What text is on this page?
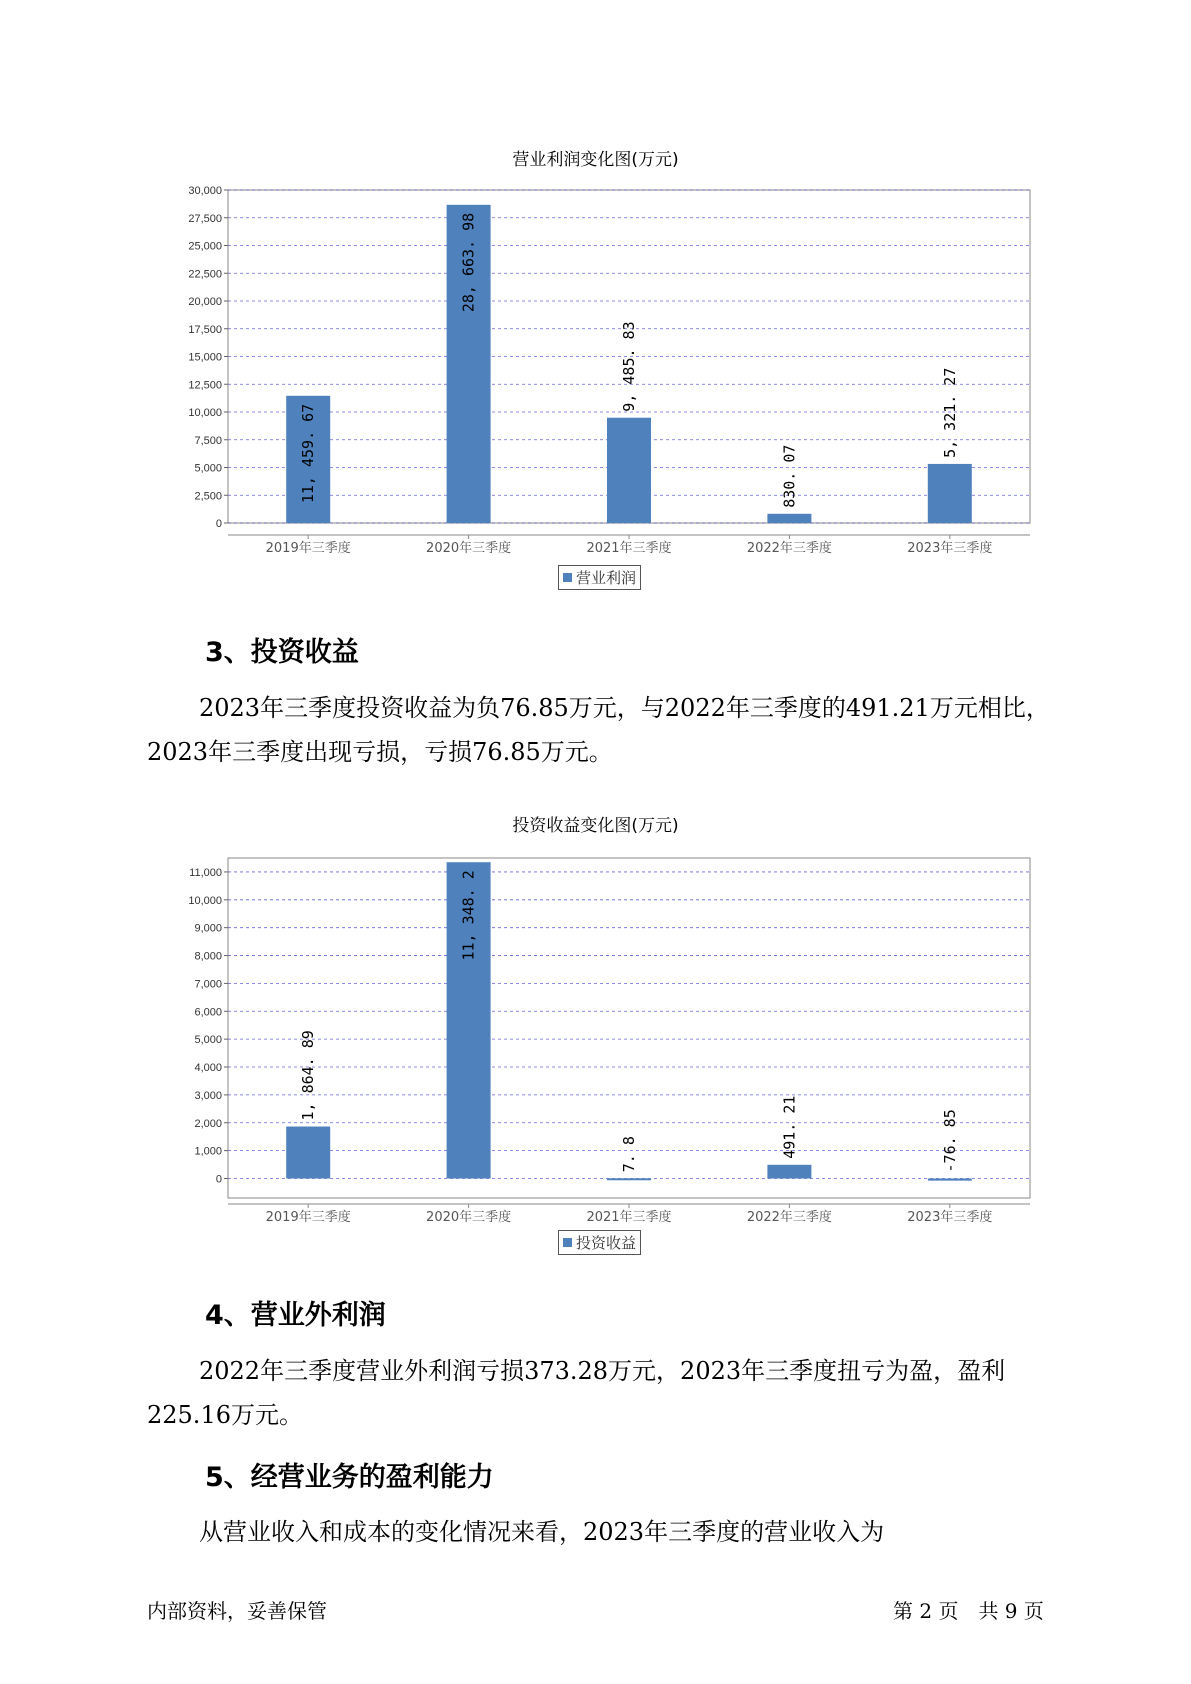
营业利润变化图(万元)
0
2,500
5,000
7,500
10,000
12,500
15,000
17,500
20,000
22,500
25,000
27,500
30,000
2019年三季度
11, 459. 67
2020年三季度
28, 663. 98
2021年三季度
9, 485. 83
2022年三季度
830. 07
2023年三季度
5, 321. 27
营业利润
3、投资收益
2023年三季度投资收益为负76.85万元，与2022年三季度的491.21万元相比，2023年三季度出现亏损，亏损76.85万元。
投资收益变化图(万元)
0
1,000
2,000
3,000
4,000
5,000
6,000
7,000
8,000
9,000
10,000
11,000
2019年三季度
1, 864. 89
2020年三季度
11, 348. 2
2021年三季度
7. 8
2022年三季度
491. 21
2023年三季度
-76. 85
投资收益
4、营业外利润
2022年三季度营业外利润亏损373.28万元，2023年三季度扭亏为盈，盈利225.16万元。
5、经营业务的盈利能力
从营业收入和成本的变化情况来看，2023年三季度的营业收入为
内部资料，妥善保管	第 2 页　共 9 页
